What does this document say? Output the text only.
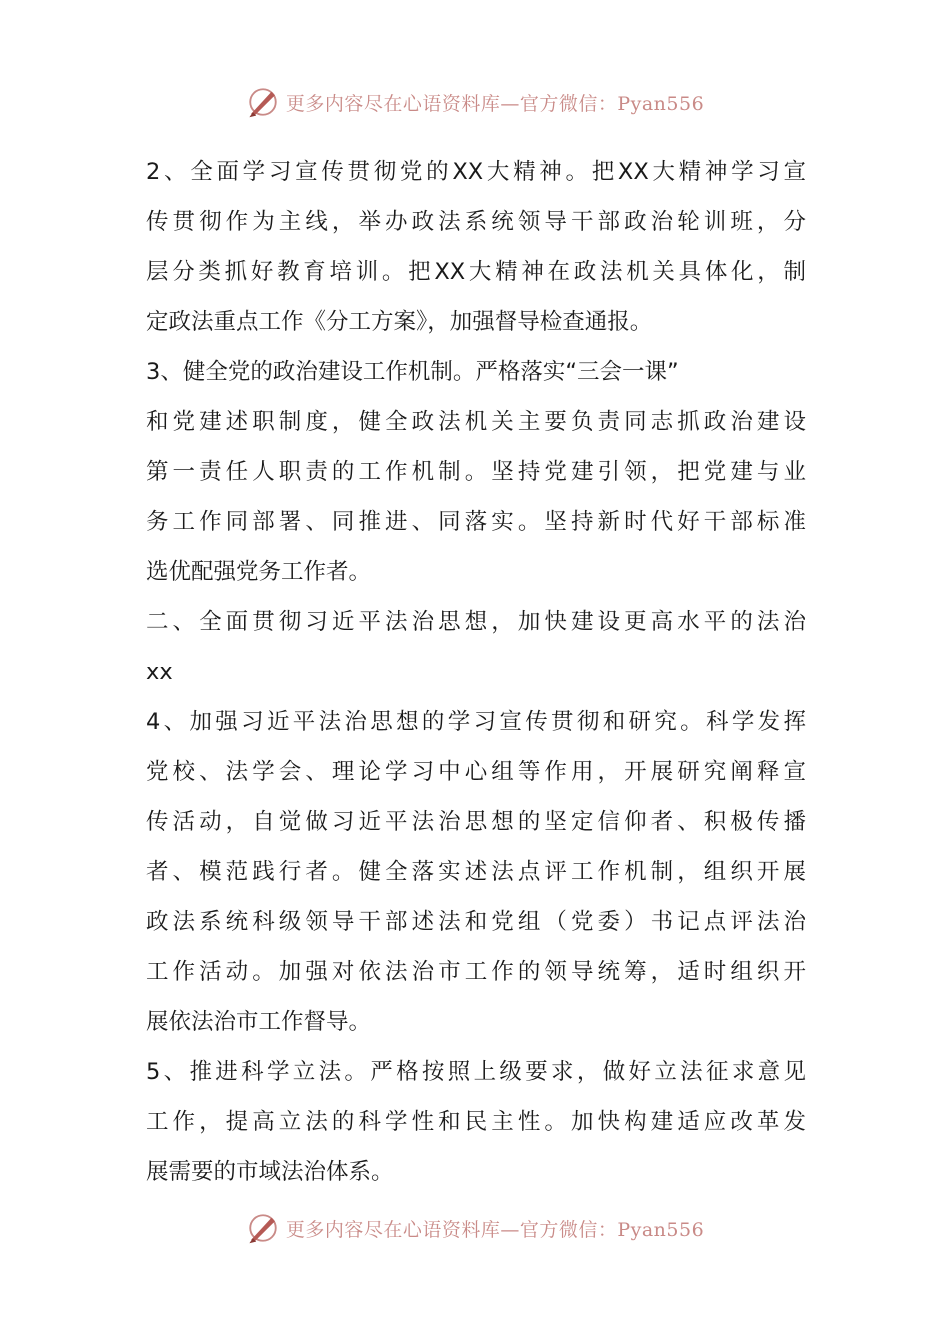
更多内容尽在心语资料库—官方微信：Pyan556
2、全面学习宣传贯彻党的XX大精神。把XX大精神学习宣
传贯彻作为主线，举办政法系统领导干部政治轮训班，分
层分类抓好教育培训。把XX大精神在政法机关具体化，制
定政法重点工作《分工方案》，加强督导检查通报。
3、健全党的政治建设工作机制。严格落实“三会一课”
和党建述职制度，健全政法机关主要负责同志抓政治建设
第一责任人职责的工作机制。坚持党建引领，把党建与业
务工作同部署、同推进、同落实。坚持新时代好干部标准
选优配强党务工作者。
二、全面贯彻习近平法治思想，加快建设更高水平的法治
xx
4、加强习近平法治思想的学习宣传贯彻和研究。科学发挥
党校、法学会、理论学习中心组等作用，开展研究阐释宣
传活动，自觉做习近平法治思想的坚定信仰者、积极传播
者、模范践行者。健全落实述法点评工作机制，组织开展
政法系统科级领导干部述法和党组（党委）书记点评法治
工作活动。加强对依法治市工作的领导统筹，适时组织开
展依法治市工作督导。
5、推进科学立法。严格按照上级要求，做好立法征求意见
工作，提高立法的科学性和民主性。加快构建适应改革发
展需要的市域法治体系。
更多内容尽在心语资料库—官方微信：Pyan556
